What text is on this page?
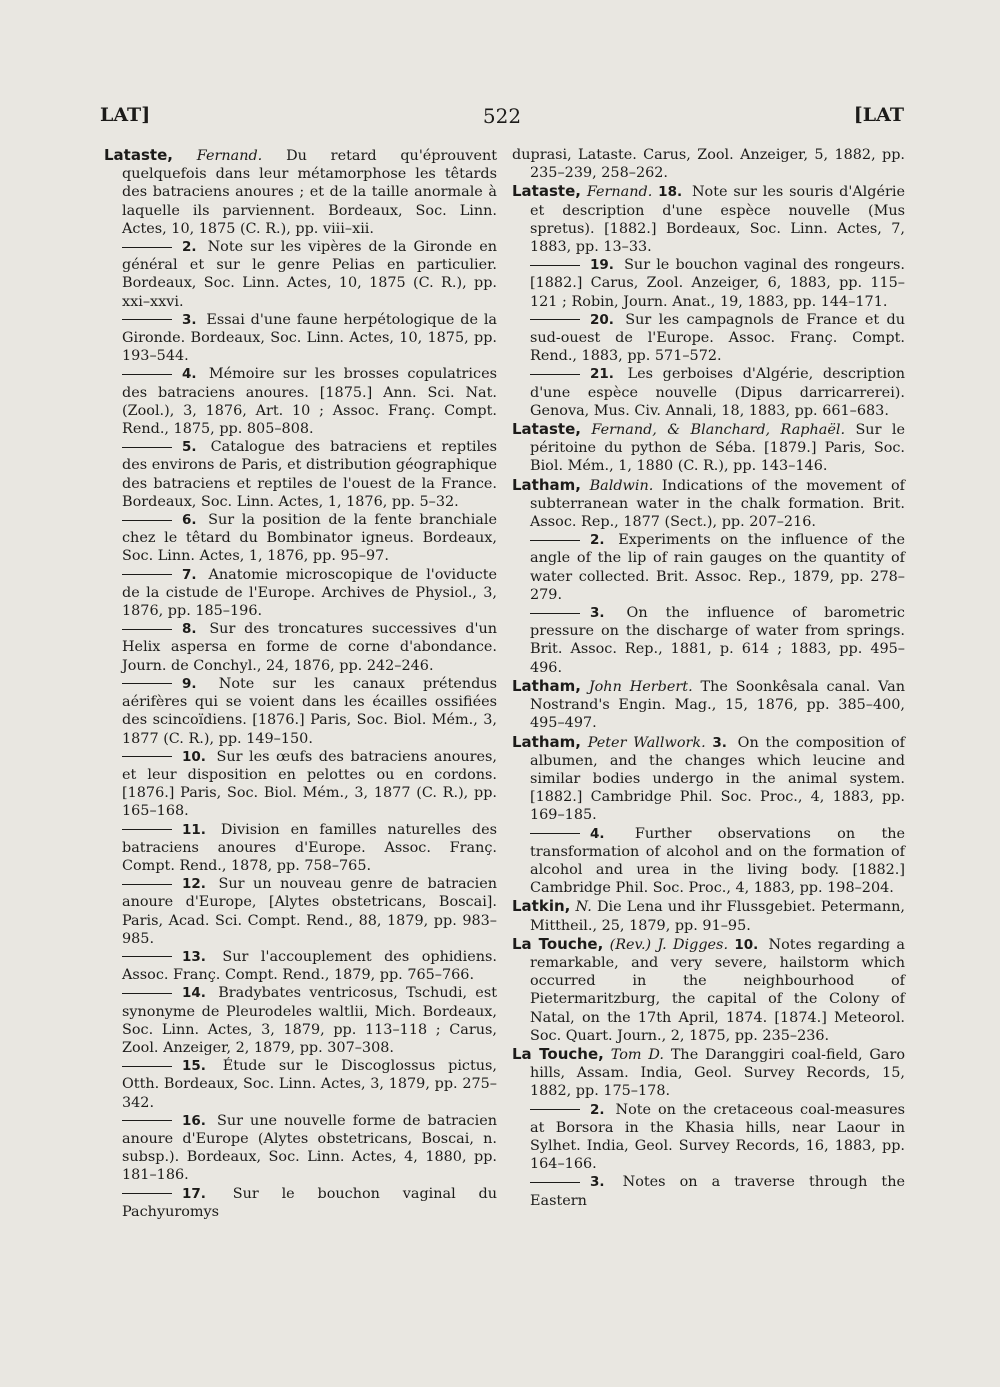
LAT]	522	[LAT
Lataste, Fernand. Du retard qu'éprouvent quelquefois dans leur métamorphose les têtards des batraciens anoures ; et de la taille anormale à laquelle ils parviennent. Bordeaux, Soc. Linn. Actes, 10, 1875 (C. R.), pp. viii–xii.
2. Note sur les vipères de la Gironde en général et sur le genre Pelias en particulier. Bordeaux, Soc. Linn. Actes, 10, 1875 (C. R.), pp. xxi–xxvi.
3. Essai d'une faune herpétologique de la Gironde. Bordeaux, Soc. Linn. Actes, 10, 1875, pp. 193–544.
4. Mémoire sur les brosses copulatrices des batraciens anoures. [1875.] Ann. Sci. Nat. (Zool.), 3, 1876, Art. 10 ; Assoc. Franç. Compt. Rend., 1875, pp. 805–808.
5. Catalogue des batraciens et reptiles des environs de Paris, et distribution géographique des batraciens et reptiles de l'ouest de la France. Bordeaux, Soc. Linn. Actes, 1, 1876, pp. 5–32.
6. Sur la position de la fente branchiale chez le têtard du Bombinator igneus. Bordeaux, Soc. Linn. Actes, 1, 1876, pp. 95–97.
7. Anatomie microscopique de l'oviducte de la cistude de l'Europe. Archives de Physiol., 3, 1876, pp. 185–196.
8. Sur des troncatures successives d'un Helix aspersa en forme de corne d'abondance. Journ. de Conchyl., 24, 1876, pp. 242–246.
9. Note sur les canaux prétendus aérifères qui se voient dans les écailles ossifiées des scincoïdiens. [1876.] Paris, Soc. Biol. Mém., 3, 1877 (C. R.), pp. 149–150.
10. Sur les œufs des batraciens anoures, et leur disposition en pelottes ou en cordons. [1876.] Paris, Soc. Biol. Mém., 3, 1877 (C. R.), pp. 165–168.
11. Division en familles naturelles des batraciens anoures d'Europe. Assoc. Franç. Compt. Rend., 1878, pp. 758–765.
12. Sur un nouveau genre de batracien anoure d'Europe, [Alytes obstetricans, Boscai]. Paris, Acad. Sci. Compt. Rend., 88, 1879, pp. 983–985.
13. Sur l'accouplement des ophidiens. Assoc. Franç. Compt. Rend., 1879, pp. 765–766.
14. Bradybates ventricosus, Tschudi, est synonyme de Pleurodeles waltlii, Mich. Bordeaux, Soc. Linn. Actes, 3, 1879, pp. 113–118 ; Carus, Zool. Anzeiger, 2, 1879, pp. 307–308.
15. Étude sur le Discoglossus pictus, Otth. Bordeaux, Soc. Linn. Actes, 3, 1879, pp. 275–342.
16. Sur une nouvelle forme de batracien anoure d'Europe (Alytes obstetricans, Boscai, n. subsp.). Bordeaux, Soc. Linn. Actes, 4, 1880, pp. 181–186.
17. Sur le bouchon vaginal du Pachyuromys
duprasi, Lataste. Carus, Zool. Anzeiger, 5, 1882, pp. 235–239, 258–262.
Lataste, Fernand. 18. Note sur les souris d'Algérie et description d'une espèce nouvelle (Mus spretus). [1882.] Bordeaux, Soc. Linn. Actes, 7, 1883, pp. 13–33.
19. Sur le bouchon vaginal des rongeurs. [1882.] Carus, Zool. Anzeiger, 6, 1883, pp. 115–121 ; Robin, Journ. Anat., 19, 1883, pp. 144–171.
20. Sur les campagnols de France et du sud-ouest de l'Europe. Assoc. Franç. Compt. Rend., 1883, pp. 571–572.
21. Les gerboises d'Algérie, description d'une espèce nouvelle (Dipus darricarrerei). Genova, Mus. Civ. Annali, 18, 1883, pp. 661–683.
Lataste, Fernand, & Blanchard, Raphaël. Sur le péritoine du python de Séba. [1879.] Paris, Soc. Biol. Mém., 1, 1880 (C. R.), pp. 143–146.
Latham, Baldwin. Indications of the movement of subterranean water in the chalk formation. Brit. Assoc. Rep., 1877 (Sect.), pp. 207–216.
2. Experiments on the influence of the angle of the lip of rain gauges on the quantity of water collected. Brit. Assoc. Rep., 1879, pp. 278–279.
3. On the influence of barometric pressure on the discharge of water from springs. Brit. Assoc. Rep., 1881, p. 614 ; 1883, pp. 495–496.
Latham, John Herbert. The Soonkêsala canal. Van Nostrand's Engin. Mag., 15, 1876, pp. 385–400, 495–497.
Latham, Peter Wallwork. 3. On the composition of albumen, and the changes which leucine and similar bodies undergo in the animal system. [1882.] Cambridge Phil. Soc. Proc., 4, 1883, pp. 169–185.
4. Further observations on the transformation of alcohol and on the formation of alcohol and urea in the living body. [1882.] Cambridge Phil. Soc. Proc., 4, 1883, pp. 198–204.
Latkin, N. Die Lena und ihr Flussgebiet. Petermann, Mittheil., 25, 1879, pp. 91–95.
La Touche, (Rev.) J. Digges. 10. Notes regarding a remarkable, and very severe, hailstorm which occurred in the neighbourhood of Pietermaritzburg, the capital of the Colony of Natal, on the 17th April, 1874. [1874.] Meteorol. Soc. Quart. Journ., 2, 1875, pp. 235–236.
La Touche, Tom D. The Daranggiri coal-field, Garo hills, Assam. India, Geol. Survey Records, 15, 1882, pp. 175–178.
2. Note on the cretaceous coal-measures at Borsora in the Khasia hills, near Laour in Sylhet. India, Geol. Survey Records, 16, 1883, pp. 164–166.
3. Notes on a traverse through the Eastern
